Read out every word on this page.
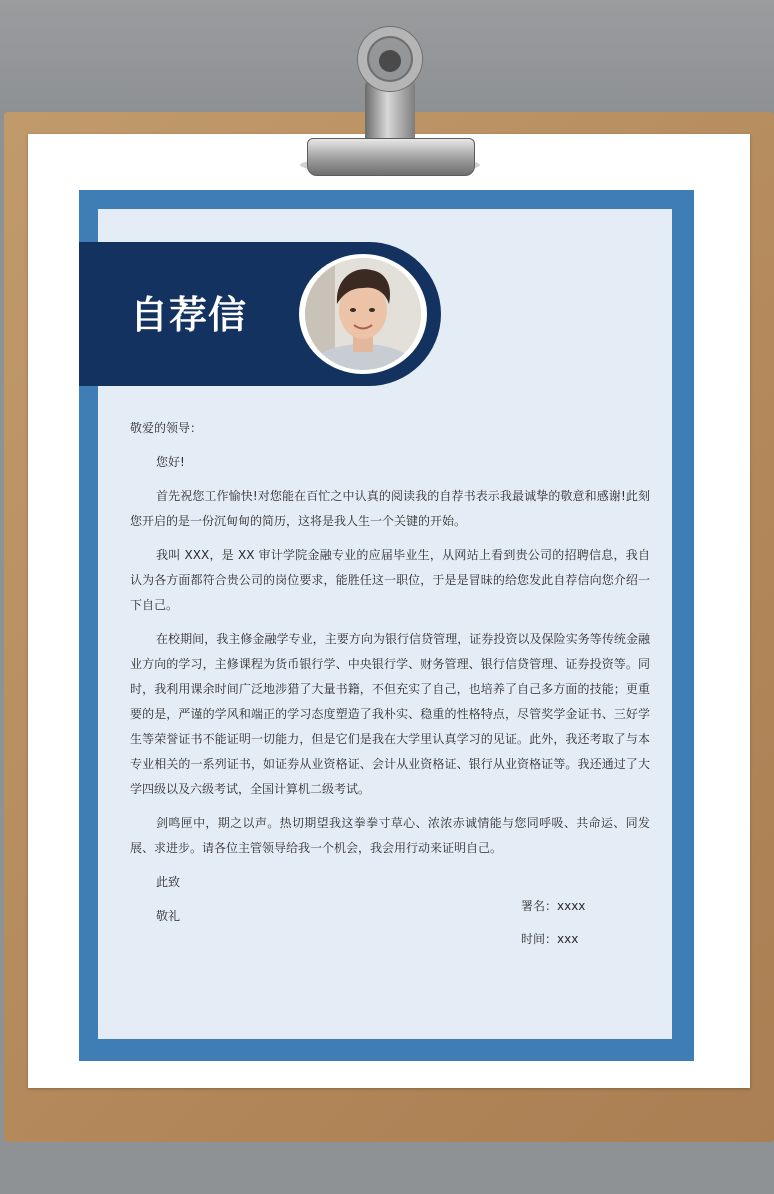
自荐信

敬爱的领导：

您好!

首先祝您工作愉快!对您能在百忙之中认真的阅读我的自荐书表示我最诚挚的敬意和感谢!此刻您开启的是一份沉甸甸的简历，这将是我人生一个关键的开始。

我叫 XXX，是 XX 审计学院金融专业的应届毕业生，从网站上看到贵公司的招聘信息，我自认为各方面都符合贵公司的岗位要求，能胜任这一职位，于是是冒昧的给您发此自荐信向您介绍一下自己。

在校期间，我主修金融学专业，主要方向为银行信贷管理，证券投资以及保险实务等传统金融业方向的学习，主修课程为货币银行学、中央银行学、财务管理、银行信贷管理、证券投资等。同时，我利用课余时间广泛地涉猎了大量书籍，不但充实了自己，也培养了自己多方面的技能；更重要的是，严谨的学风和端正的学习态度塑造了我朴实、稳重的性格特点，尽管奖学金证书、三好学生等荣誉证书不能证明一切能力，但是它们是我在大学里认真学习的见证。此外，我还考取了与本专业相关的一系列证书，如证券从业资格证、会计从业资格证、银行从业资格证等。我还通过了大学四级以及六级考试，全国计算机二级考试。

剑鸣匣中，期之以声。热切期望我这拳拳寸草心、浓浓赤诚情能与您同呼吸、共命运、同发展、求进步。请各位主管领导给我一个机会，我会用行动来证明自己。

此致

敬礼

署名：xxxx
时间：xxx
